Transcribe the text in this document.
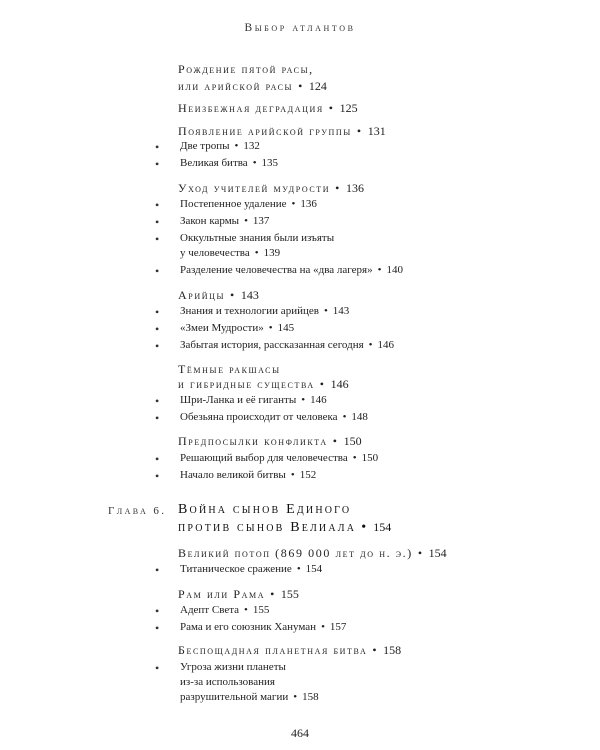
Выбор атлантов
Рождение пятой расы,
или арийской расы • 124
Неизбежная деградация • 125
Появление арийской группы • 131
• Две тропы • 132
• Великая битва • 135
Уход учителей мудрости • 136
• Постепенное удаление • 136
• Закон кармы • 137
• Оккультные знания были изъяты
у человечества • 139
• Разделение человечества на «два лагеря» • 140
Арийцы • 143
• Знания и технологии арийцев • 143
• «Змеи Мудрости» • 145
• Забытая история, рассказанная сегодня • 146
Тёмные ракшасы
и гибридные существа • 146
• Шри-Ланка и её гиганты • 146
• Обезьяна происходит от человека • 148
Предпосылки конфликта • 150
• Решающий выбор для человечества • 150
• Начало великой битвы • 152
Глава 6. Война сынов Единого
против сынов Велиала • 154
Великий потоп (869 000 лет до н. э.) • 154
• Титаническое сражение • 154
Рам или Рама • 155
• Адепт Света • 155
• Рама и его союзник Хануман • 157
Беспощадная планетная битва • 158
• Угроза жизни планеты
из-за использования
разрушительной магии • 158
464
